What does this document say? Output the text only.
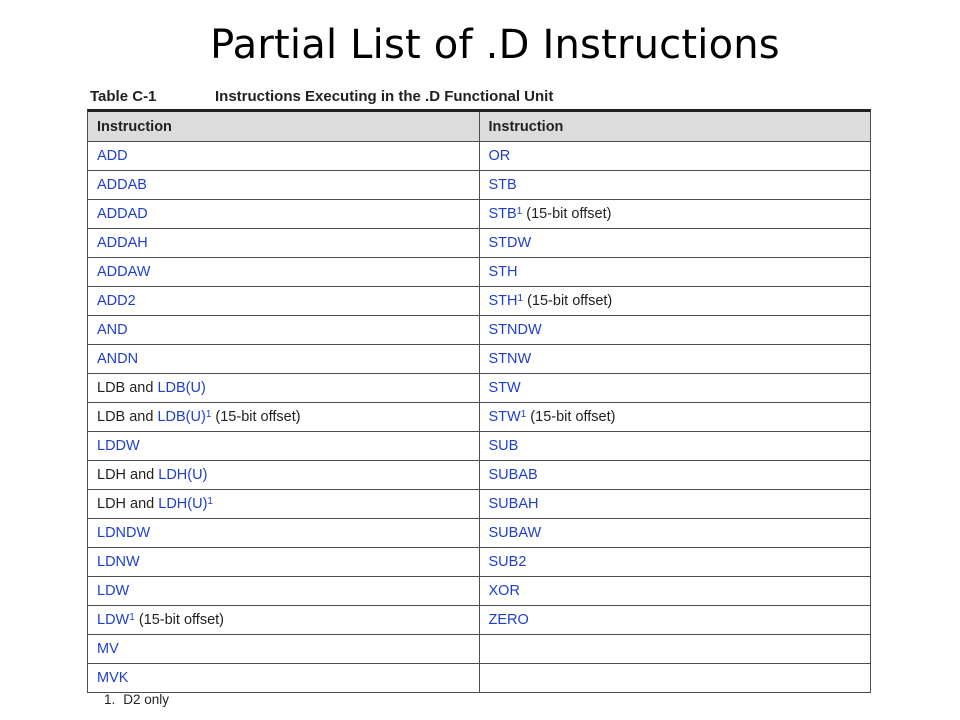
Partial List of .D Instructions
Table C-1	Instructions Executing in the .D Functional Unit
Instruction	Instruction
ADD	OR
ADDAB	STB
ADDAD	STB$^1$ (15-bit offset)
ADDAH	STDW
ADDAW	STH
ADD2	STH$^1$ (15-bit offset)
AND	STNDW
ANDN	STNW
LDB and LDB(U)	STW
LDB and $LDB(U)^1$ (15-bit offset)	STW$^1$ (15-bit offset)
LDDW	SUB
LDH and LDH(U)	SUBAB
LDH and $LDH(U)^1$	SUBAH
LDNDW	SUBAW
LDNW	SUB2
LDW	XOR
LDW$^1$ (15-bit offset)	ZERO
MV	
MVK	
1. D2 only
